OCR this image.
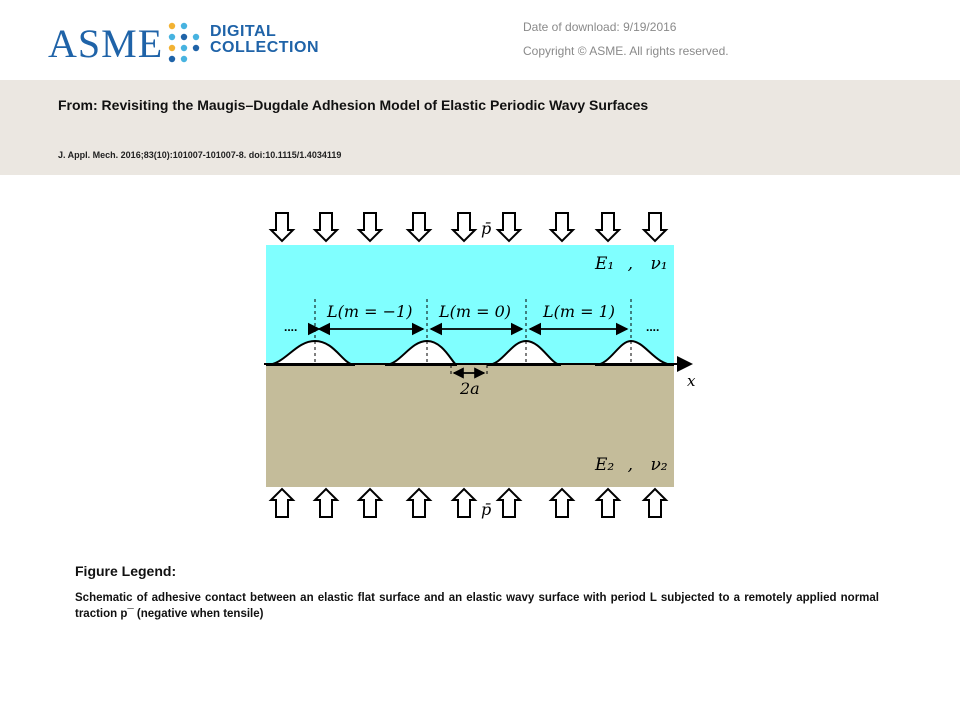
ASME	DIGITAL
COLLECTION
Date of download: 9/19/2016
Copyright © ASME. All rights reserved.
From: Revisiting the Maugis–Dugdale Adhesion Model of Elastic Periodic Wavy Surfaces
J. Appl. Mech. 2016;83(10):101007-101007-8. doi:10.1115/1.4034119
x
L(m = −1) L(m = 0) L(m = 1)
....	....
2a
E₁ , ν₁
E₂ , ν₂
p̄
p̄
Figure Legend:
Schematic of adhesive contact between an elastic flat surface and an elastic wavy surface with period L subjected to a remotely applied normal traction p¯ (negative when tensile)
